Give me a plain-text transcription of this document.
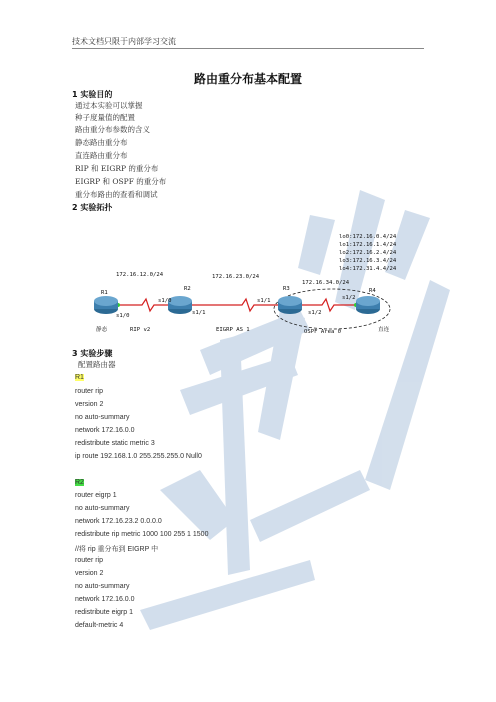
技术文档只限于内部学习交流
路由重分布基本配置
1 实验目的
通过本实验可以掌握
种子度量值的配置
路由重分布参数的含义
静态路由重分布
直连路由重分布
RIP 和 EIGRP 的重分布
EIGRP 和 OSPF 的重分布
重分布路由的查看和调试
2 实验拓扑
lo0:172.16.0.4/24
lo1:172.16.1.4/24
lo2:172.16.2.4/24
lo3:172.16.3.4/24
lo4:172.31.4.4/24
172.16.12.0/24	172.16.23.0/24
172.16.34.0/24
R1
R2	R3	R4
s1/0
s1/0
s1/1
s1/1
s1/2
s1/2
静态	RIP v2	EIGRP AS 1	OSPF Area 0	直连
3 实验步骤
配置路由器
R1
router rip
version 2
no auto-summary
network 172.16.0.0
redistribute static metric 3
ip route 192.168.1.0 255.255.255.0 Null0
R2
router eigrp 1
no auto-summary
network 172.16.23.2 0.0.0.0
redistribute rip metric 1000 100 255 1 1500
//将 rip 重分布到 EIGRP 中
router rip
version 2
no auto-summary
network 172.16.0.0
redistribute eigrp 1
default-metric 4
